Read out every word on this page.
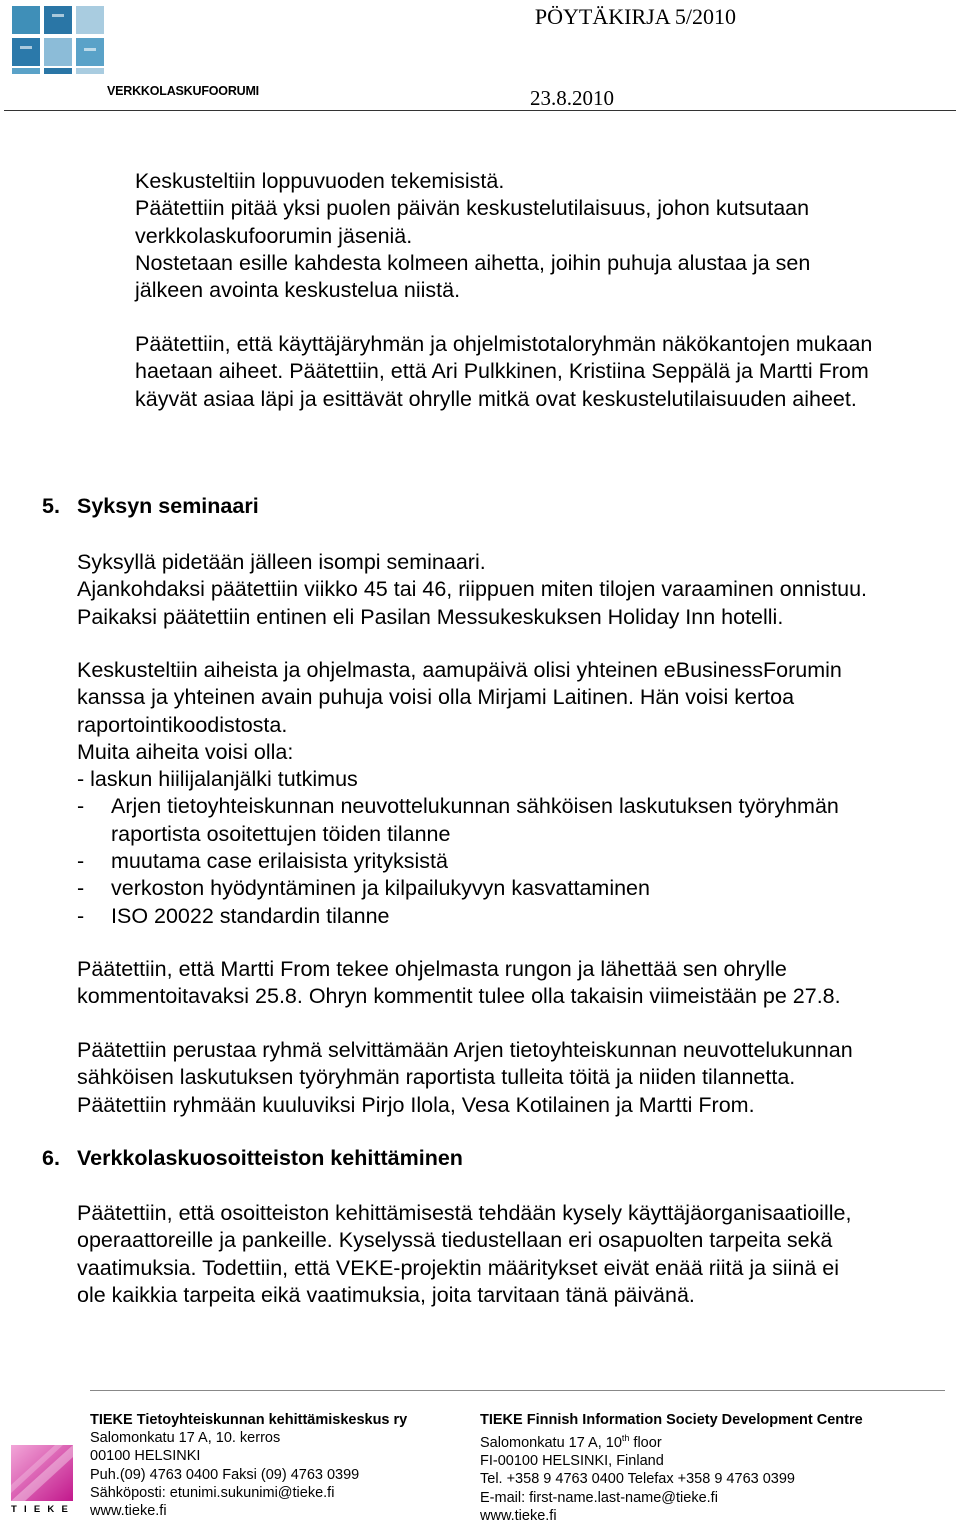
VERKKOLASKUFOORUMI
PÖYTÄKIRJA 5/2010
23.8.2010
Keskusteltiin loppuvuoden tekemisistä.
Päätettiin pitää yksi puolen päivän keskustelutilaisuus, johon kutsutaan
verkkolaskufoorumin jäseniä.
Nostetaan esille kahdesta kolmeen aihetta, joihin puhuja alustaa ja sen
jälkeen avointa keskustelua niistä.
Päätettiin, että käyttäjäryhmän ja ohjelmistotaloryhmän näkökantojen mukaan
haetaan aiheet. Päätettiin, että Ari Pulkkinen, Kristiina Seppälä ja Martti From
käyvät asiaa läpi ja esittävät ohrylle mitkä ovat keskustelutilaisuuden aiheet.
5. Syksyn seminaari
Syksyllä pidetään jälleen isompi seminaari.
Ajankohdaksi päätettiin viikko 45 tai 46, riippuen miten tilojen varaaminen onnistuu.
Paikaksi päätettiin entinen eli Pasilan Messukeskuksen Holiday Inn hotelli.
Keskusteltiin aiheista ja ohjelmasta, aamupäivä olisi yhteinen eBusinessForumin
kanssa ja yhteinen avain puhuja voisi olla Mirjami Laitinen. Hän voisi kertoa
raportointikoodistosta.
Muita aiheita voisi olla:
- laskun hiilijalanjälki tutkimus
- Arjen tietoyhteiskunnan neuvottelukunnan sähköisen laskutuksen työryhmän
raportista osoitettujen töiden tilanne
- muutama case erilaisista yrityksistä
- verkoston hyödyntäminen ja kilpailukyvyn kasvattaminen
- ISO 20022 standardin tilanne
Päätettiin, että Martti From tekee ohjelmasta rungon ja lähettää sen ohrylle
kommentoitavaksi 25.8. Ohryn kommentit tulee olla takaisin viimeistään pe 27.8.
Päätettiin perustaa ryhmä selvittämään Arjen tietoyhteiskunnan neuvottelukunnan
sähköisen laskutuksen työryhmän raportista tulleita töitä ja niiden tilannetta.
Päätettiin ryhmään kuuluviksi Pirjo Ilola, Vesa Kotilainen ja Martti From.
6. Verkkolaskuosoitteiston kehittäminen
Päätettiin, että osoitteiston kehittämisestä tehdään kysely käyttäjäorganisaatioille,
operaattoreille ja pankeille. Kyselyssä tiedustellaan eri osapuolten tarpeita sekä
vaatimuksia. Todettiin, että VEKE-projektin määritykset eivät enää riitä ja siinä ei
ole kaikkia tarpeita eikä vaatimuksia, joita tarvitaan tänä päivänä.
TIEKE
TIEKE Tietoyhteiskunnan kehittämiskeskus ry
Salomonkatu 17 A, 10. kerros
00100 HELSINKI
Puh.(09) 4763 0400 Faksi (09) 4763 0399
Sähköposti: etunimi.sukunimi@tieke.fi
www.tieke.fi
TIEKE Finnish Information Society Development Centre
Salomonkatu 17 A, 10th floor
FI-00100 HELSINKI, Finland
Tel. +358 9 4763 0400 Telefax +358 9 4763 0399
E-mail: first-name.last-name@tieke.fi
www.tieke.fi
